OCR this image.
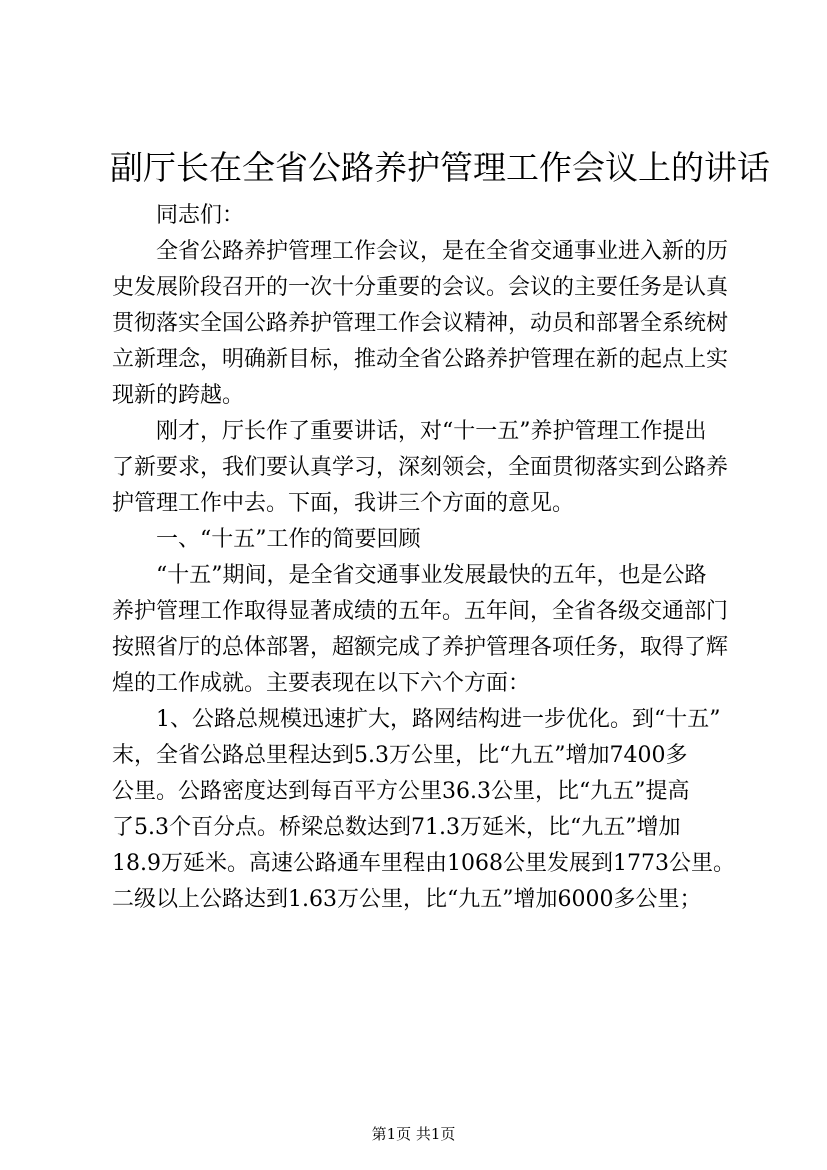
副厅长在全省公路养护管理工作会议上的讲话
　　同志们：
　　全省公路养护管理工作会议，是在全省交通事业进入新的历
史发展阶段召开的一次十分重要的会议。会议的主要任务是认真
贯彻落实全国公路养护管理工作会议精神，动员和部署全系统树
立新理念，明确新目标，推动全省公路养护管理在新的起点上实
现新的跨越。
　　刚才，厅长作了重要讲话，对“十一五”养护管理工作提出
了新要求，我们要认真学习，深刻领会，全面贯彻落实到公路养
护管理工作中去。下面，我讲三个方面的意见。
　　一、“十五”工作的简要回顾
　　“十五”期间，是全省交通事业发展最快的五年，也是公路
养护管理工作取得显著成绩的五年。五年间，全省各级交通部门
按照省厅的总体部署，超额完成了养护管理各项任务，取得了辉
煌的工作成就。主要表现在以下六个方面：
　　1、公路总规模迅速扩大，路网结构进一步优化。到“十五”
末，全省公路总里程达到5.3万公里，比“九五”增加7400多
公里。公路密度达到每百平方公里36.3公里，比“九五”提高
了5.3个百分点。桥梁总数达到71.3万延米，比“九五”增加
18.9万延米。高速公路通车里程由1068公里发展到1773公里。
二级以上公路达到1.63万公里，比“九五”增加6000多公里；
第1页 共1页
